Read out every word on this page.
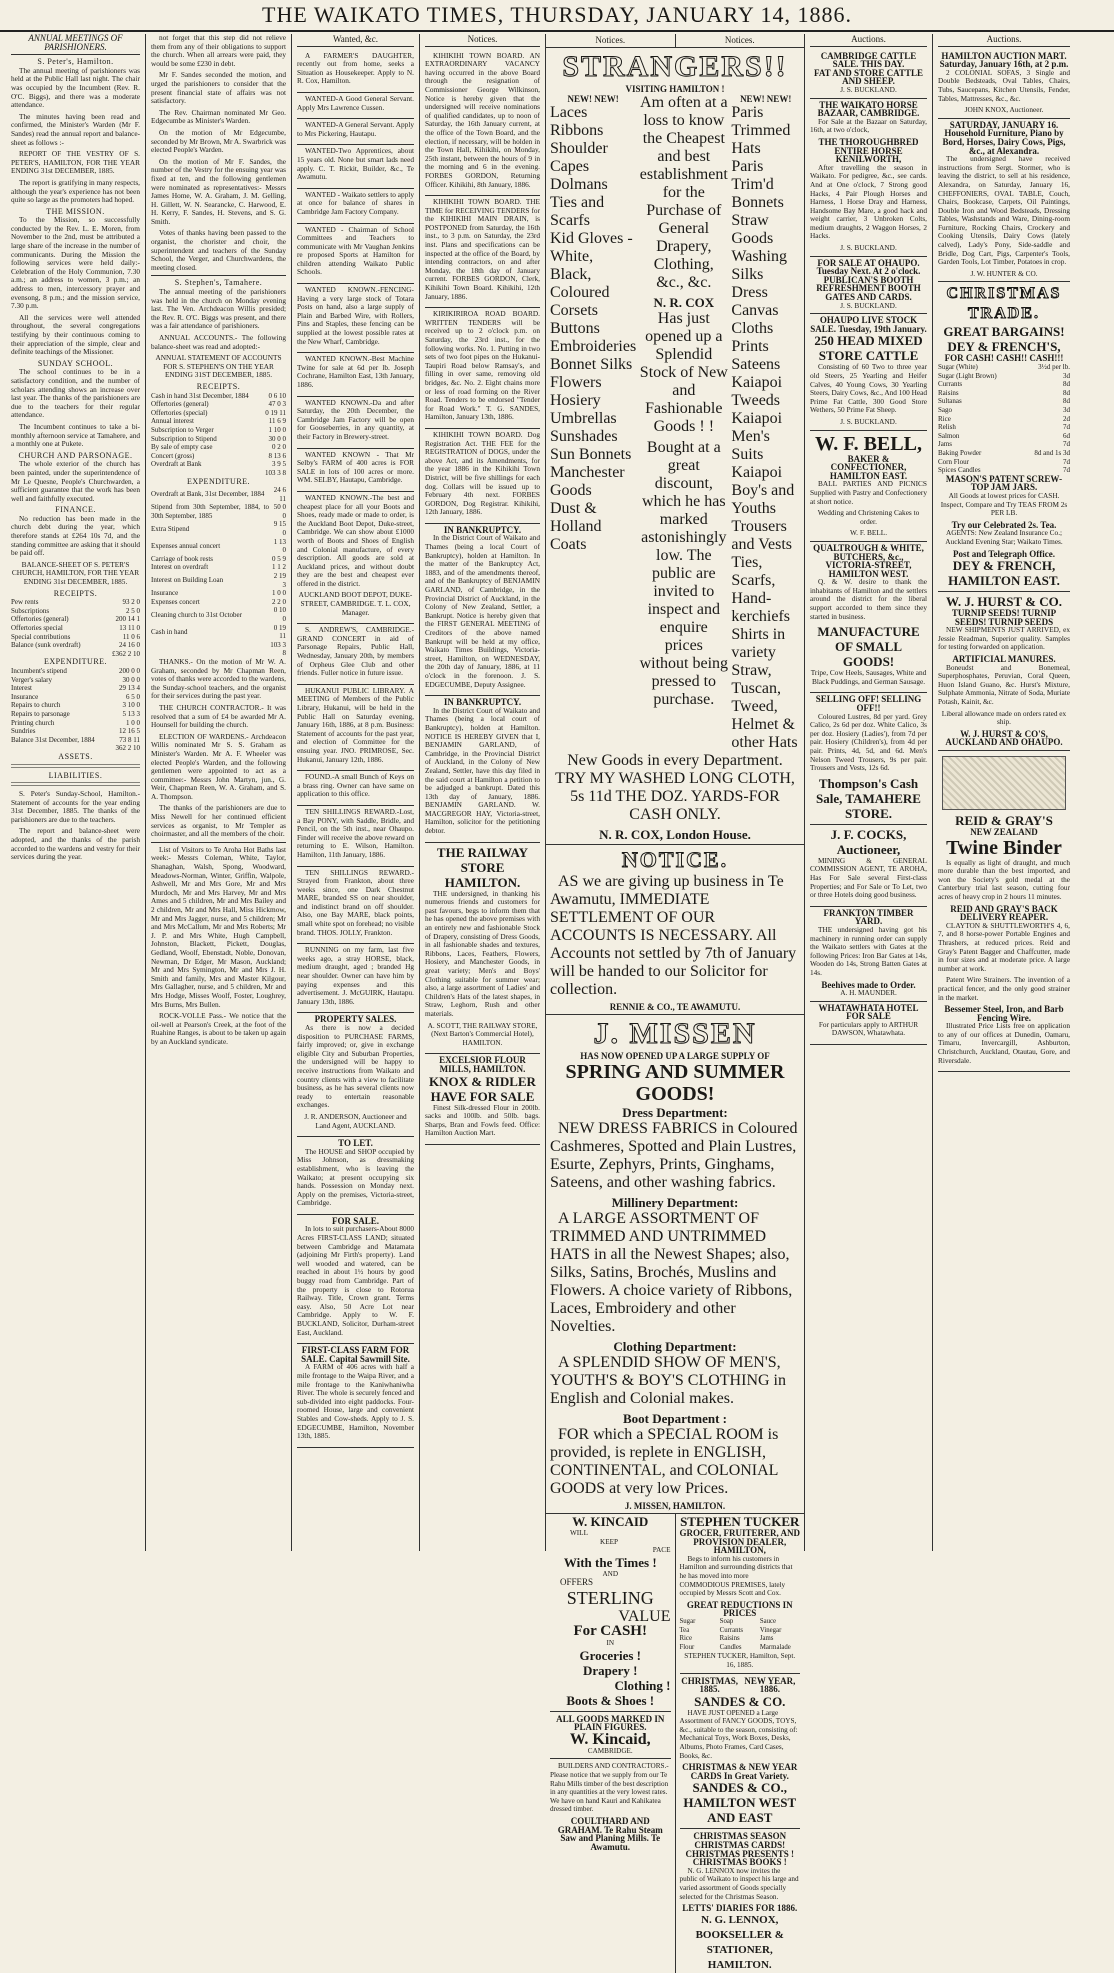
THE WAIKATO TIMES, THURSDAY, JANUARY 14, 1886.
ANNUAL MEETINGS OF PARISHIONERS.
S. Peter's, Hamilton.

The annual meeting of parishioners was held at the Public Hall last night. The chair was occupied by the Incumbent (Rev. R. O'C. Biggs), and there was a moderate attendance.

The minutes having been read and confirmed, the Minister's Warden (Mr F. Sandes) read the annual report and balance-sheet as follows :-

REPORT OF THE VESTRY OF S. PETER'S, HAMILTON, FOR THE YEAR ENDING 31st DECEMBER, 1885.

The report is gratifying in many respects, although the year's experience has not been quite so large as the promoters had hoped.

THE MISSION.

To the Mission, so successfully conducted by the Rev. L. E. Moren, from November to the 2nd, must be attributed a large share of the increase in the number of communicants. During the Mission the following services were held daily:-Celebration of the Holy Communion, 7.30 a.m.; an address to women, 3 p.m.; an address to men, intercessory prayer and evensong, 8 p.m.; and the mission service, 7.30 p.m.

All the services were well attended throughout, the several congregations testifying by their continuous coming to their appreciation of the simple, clear and definite teachings of the Missioner.

SUNDAY SCHOOL.

The school continues to be in a satisfactory condition, and the number of scholars attending shows an increase over last year. The thanks of the parishioners are due to the teachers for their regular attendance.

The Incumbent continues to take a bi-monthly afternoon service at Tamahere, and a monthly one at Pukete.

CHURCH AND PARSONAGE.

The whole exterior of the church has been painted, under the superintendence of Mr Le Quesne, People's Churchwarden, a sufficient guarantee that the work has been well and faithfully executed.

FINANCE.

No reduction has been made in the church debt during the year, which therefore stands at £264 10s 7d, and the standing committee are asking that it should be paid off.

BALANCE-SHEET OF S. PETER'S CHURCH, HAMILTON, FOR THE YEAR ENDING 31st DECEMBER, 1885.

RECEIPTS.
Pew rents	93 2 0
Subscriptions	2 5 0
Offertories (general)	200 14 1
Offertories special	13 11 0
Special contributions	11 0 6
Balance (sunk overdraft)	24 16 0
	£362 2 10
EXPENDITURE.
Incumbent's stipend	200 0 0
Verger's salary	30 0 0
Interest	29 13 4
Insurance	6 5 0
Repairs to church	3 10 0
Repairs to parsonage	5 13 3
Printing church	1 0 0
Sundries	12 16 5
Balance 31st December, 1884	73 8 11
	362 2 10
ASSETS.
LIABILITIES.

S. Peter's Sunday-School, Hamilton.- Statement of accounts for the year ending 31st December, 1885. The thanks of the parishioners are due to the teachers.

The report and balance-sheet were adopted, and the thanks of the parish accorded to the wardens and vestry for their services during the year.

not forget that this step did not relieve them from any of their obligations to support the church. When all arrears were paid, they would be some £230 in debt.

Mr F. Sandes seconded the motion, and urged the parishioners to consider that the present financial state of affairs was not satisfactory.

The Rev. Chairman nominated Mr Geo. Edgecumbe as Minister's Warden.

On the motion of Mr Edgecumbe, seconded by Mr Brown, Mr A. Swarbrick was elected People's Warden.

On the motion of Mr F. Sandes, the number of the Vestry for the ensuing year was fixed at ten, and the following gentlemen were nominated as representatives:- Messrs James Home, W. A. Graham, J. M. Gelling, H. Gillett, W. N. Searancke, C. Harwood, E. H. Kerry, F. Sandes, H. Stevens, and S. G. Smith.

Votes of thanks having been passed to the organist, the chorister and choir, the superintendent and teachers of the Sunday School, the Verger, and Churchwardens, the meeting closed.

S. Stephen's, Tamahere.

The annual meeting of the parishioners was held in the church on Monday evening last. The Ven. Archdeacon Willis presided; the Rev. R. O'C. Biggs was present, and there was a fair attendance of parishioners.

ANNUAL ACCOUNTS.- The following balance-sheet was read and adopted:-

ANNUAL STATEMENT OF ACCOUNTS FOR S. STEPHEN'S ON THE YEAR ENDING 31ST DECEMBER, 1885.

RECEIPTS.
Cash in hand 31st December, 1884	0 6 10
Offertories (general)	47 0 3
Offertories (special)	0 19 11
Annual interest	11 6 9
Subscription to Verger	1 10 0
Subscription to Stipend	30 0 0
By sale of empty case	0 2 0
Concert (gross)	8 13 6
Overdraft at Bank	3 9 5
	103 3 8
EXPENDITURE.
Overdraft at Bank, 31st December, 1884	24 6 11
Stipend from 30th September, 1884, to 30th September, 1885	50 0 0
Extra Stipend	9 15 0
Expenses annual concert	1 13 0
Carriage of book rests	0 5 9
Interest on overdraft	1 1 2
Interest on Building Loan	2 19 3
Insurance	1 0 0
Expenses concert	2 2 0
Cleaning church to 31st October	0 10 0
Cash in hand	0 19 11
	103 3 8

THANKS.- On the motion of Mr W. A. Graham, seconded by Mr Chapman Reen, votes of thanks were accorded to the wardens, the Sunday-school teachers, and the organist for their services during the past year.

THE CHURCH CONTRACTOR.- It was resolved that a sum of £4 be awarded Mr A. Hounsell for building the church.

ELECTION OF WARDENS.- Archdeacon Willis nominated Mr S. S. Graham as Minister's Warden. Mr A. F. Wheeler was elected People's Warden, and the following gentlemen were appointed to act as a committee:- Messrs John Martyn, jun., G. Weir, Chapman Reen, W. A. Graham, and S. A. Thompson.

The thanks of the parishioners are due to Miss Newell for her continued efficient services as organist, to Mr Templer as choirmaster, and all the members of the choir.

List of Visitors to Te Aroha Hot Baths last week:- Messrs Coleman, White, Taylor, Shanaghan, Walsh, Spong, Woodward, Meadows-Norman, Winter, Griffin, Walpole, Ashwell, Mr and Mrs Gore, Mr and Mrs Murdoch, Mr and Mrs Harvey, Mr and Mrs Ames and 5 children, Mr and Mrs Bailey and 2 children, Mr and Mrs Hall, Miss Hickmow, Mr and Mrs Jagger, nurse, and 5 children; Mr and Mrs McCallum, Mr and Mrs Roberts; Mr J. P. and Mrs White, Hugh Campbell, Johnston, Blackett, Pickett, Douglas, Gedland, Woolf, Ebenstadt, Noble, Donovan, Newman, Dr Edger, Mr Mason, Auckland; Mr and Mrs Symington, Mr and Mrs J. H. Smith and family, Mrs and Master Kilgour, Mrs Gallagher, nurse, and 5 children, Mr and Mrs Hodge, Misses Woolf, Foster, Loughrey, Mrs Burns, Mrs Bullen.

ROCK-VOLLE Pass.- We notice that the oil-well at Pearson's Creek, at the foot of the Ruahine Ranges, is about to be taken up again by an Auckland syndicate.

Wanted, &c.

A FARMER'S DAUGHTER, recently out from home, seeks a Situation as Housekeeper. Apply to N. R. Cox, Hamilton.

WANTED-A Good General Servant. Apply Mrs Lawrence Cussen.

WANTED-A General Servant. Apply to Mrs Pickering, Hautapu.

WANTED-Two Apprentices, about 15 years old. None but smart lads need apply. C. T. Rickit, Builder, &c., Te Awamutu.

WANTED - Waikato settlers to apply at once for balance of shares in Cambridge Jam Factory Company.

WANTED - Chairman of School Committees and Teachers to communicate with Mr Vaughan Jenkins re proposed Sports at Hamilton for children attending Waikato Public Schools.

WANTED KNOWN.-FENCING-Having a very large stock of Totara Posts on hand, also a large supply of Plain and Barbed Wire, with Rollers, Pins and Staples, these fencing can be supplied at the lowest possible rates at the New Wharf, Cambridge.

WANTED KNOWN.-Best Machine Twine for sale at 6d per lb. Joseph Cochrane, Hamilton East, 13th January, 1886.

WANTED KNOWN.-Da and after Saturday, the 20th December, the Cambridge Jam Factory will be open for Gooseberries, in any quantity, at their Factory in Brewery-street.

WANTED KNOWN - That Mr Selby's FARM of 400 acres is FOR SALE in lots of 100 acres or more. WM. SELBY, Hautapu, Cambridge.

WANTED KNOWN.-The best and cheapest place for all your Boots and Shoes, ready made or made to order, is the Auckland Boot Depot, Duke-street, Cambridge. We can show about £1000 worth of Boots and Shoes of English and Colonial manufacture, of every description. All goods are sold at Auckland prices, and without doubt they are the best and cheapest ever offered in the district.

AUCKLAND BOOT DEPOT, DUKE-STREET, CAMBRIDGE. T. L. COX, Manager.

S. ANDREW'S, CAMBRIDGE.- GRAND CONCERT in aid of Parsonage Repairs, Public Hall, Wednesday, January 20th, by members of Orpheus Glee Club and other friends. Fuller notice in future issue.

HUKANUI PUBLIC LIBRARY. A MEETING of Members of the Public Library, Hukanui, will be held in the Public Hall on Saturday evening, January 16th, 1886, at 8 p.m. Business: Statement of accounts for the past year, and election of Committee for the ensuing year. JNO. PRIMROSE, Sec. Hukanui, January 12th, 1886.

FOUND.-A small Bunch of Keys on a brass ring. Owner can have same on application to this office.

TEN SHILLINGS REWARD.-Lost, a Bay PONY, with Saddle, Bridle, and Pencil, on the 5th inst., near Ohaupo. Finder will receive the above reward on returning to E. Wilson, Hamilton. Hamilton, 11th January, 1886.

TEN SHILLINGS REWARD.- Strayed from Frankton, about three weeks since, one Dark Chestnut MARE, branded SS on near shoulder, and indistinct brand on off shoulder. Also, one Bay MARE, black points, small white spot on forehead; no visible brand. THOS. JOLLY, Frankton.

RUNNING on my farm, last five weeks ago, a stray HORSE, black, medium draught, aged ; branded Hg near shoulder. Owner can have him by paying expenses and this advertisement. J. McGUIRK, Hautapu. January 13th, 1886.

PROPERTY SALES.

As there is now a decided disposition to PURCHASE FARMS, fairly improved; or, give in exchange eligible City and Suburban Properties, the undersigned will be happy to receive instructions from Waikato and country clients with a view to facilitate business, as he has several clients now ready to entertain reasonable exchanges.

J. R. ANDERSON, Auctioneer and Land Agent, AUCKLAND.

TO LET.

The HOUSE and SHOP occupied by Miss Johnson, as dressmaking establishment, who is leaving the Waikato; at present occupying six hands. Possession on Monday next. Apply on the premises, Victoria-street, Cambridge.

FOR SALE.

In lots to suit purchasers-About 8000 Acres FIRST-CLASS LAND; situated between Cambridge and Matamata (adjoining Mr Firth's property). Land well wooded and watered, can be reached in about 1½ hours by good buggy road from Cambridge. Part of the property is close to Rotorua Railway. Title, Crown grant. Terms easy. Also, 50 Acre Lot near Cambridge. Apply to W. F. BUCKLAND, Solicitor, Durham-street East, Auckland.

FIRST-CLASS FARM FOR SALE. Capital Sawmill Site.

A FARM of 406 acres with half a mile frontage to the Waipa River, and a mile frontage to the Kaniwhaniwha River. The whole is securely fenced and sub-divided into eight paddocks. Four-roomed House, large and convenient Stables and Cow-sheds. Apply to J. S. EDGECUMBE, Hamilton, November 13th, 1885.

Notices.

KIHIKIHI TOWN BOARD. AN EXTRAORDINARY VACANCY having occurred in the above Board through the resignation of Commissioner George Wilkinson, Notice is hereby given that the undersigned will receive nominations of qualified candidates, up to noon of Saturday, the 16th January current, at the office of the Town Board, and the election, if necessary, will be holden in the Town Hall, Kihikihi, on Monday, 25th instant, between the hours of 9 in the morning and 6 in the evening. FORBES GORDON, Returning Officer. Kihikihi, 8th January, 1886.

KIHIKIHI TOWN BOARD. THE TIME for RECEIVING TENDERS for the KIHIKIHI MAIN DRAIN, is POSTPONED from Saturday, the 16th inst., to 3 p.m. on Saturday, the 23rd inst. Plans and specifications can be inspected at the office of the Board, by intending contractors, on and after Monday, the 18th day of January current. FORBES GORDON, Clerk, Kihikihi Town Board. Kihikihi, 12th January, 1886.

KIRIKIRIROA ROAD BOARD. WRITTEN TENDERS will be received up to 2 o'clock p.m. on Saturday, the 23rd inst., for the following works. No. 1. Putting in two sets of two foot pipes on the Hukanui-Taupiri Road below Ramsay's, and filling in over same, removing old bridges, &c. No. 2. Eight chains more or less of road forming on the River Road. Tenders to be endorsed "Tender for Road Work." T. G. SANDES, Hamilton, January 13th, 1886.

KIHIKIHI TOWN BOARD. Dog Registration Act. THE FEE for the REGISTRATION of DOGS, under the above Act, and its Amendments, for the year 1886 in the Kihikihi Town District, will be five shillings for each dog. Collars will be issued up to February 4th next. FORBES GORDON, Dog Registrar. Kihikihi, 12th January, 1886.

IN BANKRUPTCY.

In the District Court of Waikato and Thames (being a local Court of Bankruptcy), holden at Hamilton. In the matter of the Bankruptcy Act, 1883, and of the amendments thereof, and of the Bankruptcy of BENJAMIN GARLAND, of Cambridge, in the Provincial District of Auckland, in the Colony of New Zealand, Settler, a Bankrupt. Notice is hereby given that the FIRST GENERAL MEETING of Creditors of the above named Bankrupt will be held at my office, Waikato Times Buildings, Victoria-street, Hamilton, on WEDNESDAY, the 20th day of January, 1886, at 11 o'clock in the forenoon. J. S. EDGECUMBE, Deputy Assignee.

IN BANKRUPTCY.

In the District Court of Waikato and Thames (being a local court of Bankruptcy), holden at Hamilton. NOTICE IS HEREBY GIVEN that I, BENJAMIN GARLAND, of Cambridge, in the Provincial District of Auckland, in the Colony of New Zealand, Settler, have this day filed in the said court at Hamilton a petition to be adjudged a bankrupt. Dated this 13th day of January, 1886. BENJAMIN GARLAND. W. MACGREGOR HAY, Victoria-street, Hamilton, solicitor for the petitioning debtor.

THE RAILWAY STORE HAMILTON.

THE undersigned, in thanking his numerous friends and customers for past favours, begs to inform them that he has opened the above premises with an entirely new and fashionable Stock of Drapery, consisting of Dress Goods, in all fashionable shades and textures, Ribbons, Laces, Feathers, Flowers, Hosiery, and Manchester Goods, in great variety; Men's and Boys' Clothing suitable for summer wear; also, a large assortment of Ladies' and Children's Hats of the latest shapes, in Straw, Leghorn, Rush and other materials.

A. SCOTT, THE RAILWAY STORE, (Next Barton's Commercial Hotel), HAMILTON.

EXCELSIOR FLOUR MILLS, HAMILTON.
KNOX & RIDLER HAVE FOR SALE

Finest Silk-dressed Flour in 200lb. sacks and 100lb. and 50lb. bags. Sharps, Bran and Fowls feed. Office: Hamilton Auction Mart.

Notices.	Notices.
STRANGERS!!
VISITING HAMILTON !
NEW! NEW!
Laces
Ribbons
Shoulder Capes
Dolmans
Ties and Scarfs
Kid Gloves - White, Black, Coloured
Corsets
Buttons
Embroideries
Bonnet Silks
Flowers
Hosiery
Umbrellas
Sunshades
Sun Bonnets
Manchester Goods
Dust & Holland Coats

Am often at a loss to know the Cheapest and best establishment for the Purchase of General Drapery, Clothing, &c., &c.

N. R. COX

Has just opened up a Splendid Stock of New and Fashionable Goods ! !

Bought at a great discount, which he has marked astonishingly low. The public are invited to inspect and enquire prices without being pressed to purchase.

NEW! NEW!
Paris Trimmed Hats
Paris Trim'd Bonnets
Straw Goods
Washing Silks
Dress Canvas Cloths
Prints
Sateens
Kaiapoi Tweeds
Kaiapoi Men's Suits
Kaiapoi Boy's and Youths
Trousers and Vests
Ties, Scarfs, Hand-kerchiefs
Shirts in variety
Straw, Tuscan, Tweed, Helmet & other Hats

New Goods in every Department. TRY MY WASHED LONG CLOTH, 5s 11d THE DOZ. YARDS-FOR CASH ONLY.

N. R. COX, London House.
NOTICE.

AS we are giving up business in Te Awamutu, IMMEDIATE SETTLEMENT OF OUR ACCOUNTS IS NECESSARY. All Accounts not settled by 7th of January will be handed to our Solicitor for collection.

RENNIE & CO., TE AWAMUTU.
J. MISSEN
HAS NOW OPENED UP A LARGE SUPPLY OF
SPRING AND SUMMER GOODS!
Dress Department:

NEW DRESS FABRICS in Coloured Cashmeres, Spotted and Plain Lustres, Esurte, Zephyrs, Prints, Ginghams, Sateens, and other washing fabrics.

Millinery Department:

A LARGE ASSORTMENT OF TRIMMED AND UNTRIMMED HATS in all the Newest Shapes; also, Silks, Satins, Brochés, Muslins and Flowers. A choice variety of Ribbons, Laces, Embroidery and other Novelties.

Clothing Department:

A SPLENDID SHOW OF MEN'S, YOUTH'S & BOY'S CLOTHING in English and Colonial makes.

Boot Department :

FOR which a SPECIAL ROOM is provided, is replete in ENGLISH, CONTINENTAL, and COLONIAL GOODS at very low Prices.

J. MISSEN, HAMILTON.
W. KINCAID
WILL
KEEP
PACE
With the Times !
AND
OFFERS
STERLING
VALUE
For CASH!
IN
Groceries !
Drapery !
Clothing !
Boots & Shoes !
ALL GOODS MARKED IN PLAIN FIGURES.
W. Kincaid,
CAMBRIDGE.

BUILDERS AND CONTRACTORS.- Please notice that we supply from our Te Rahu Mills timber of the best description in any quantities at the very lowest rates. We have on hand Kauri and Kahikatea dressed timber.

COULTHARD AND GRAHAM. Te Rahu Steam Saw and Planing Mills. Te Awamutu.
STEPHEN TUCKER
GROCER, FRUITERER, AND PROVISION DEALER, HAMILTON,

Begs to inform his customers in Hamilton and surrounding districts that he has moved into more COMMODIOUS PREMISES, lately occupied by Messrs Scott and Cox.

GREAT REDUCTIONS IN PRICES
Sugar
Tea
Rice
Flour
Soap
Currants
Raisins
Candles
Sauce
Vinegar
Jams
Marmalade

STEPHEN TUCKER, Hamilton, Sept. 16, 1885.

CHRISTMAS, 1885.
NEW YEAR, 1886.
SANDES & CO.

HAVE JUST OPENED a Large Assortment of FANCY GOODS, TOYS, &c., suitable to the season, consisting of: Mechanical Toys, Work Boxes, Desks, Albums, Photo Frames, Card Cases, Books, &c.

CHRISTMAS & NEW YEAR CARDS In Great Variety.
SANDES & CO., HAMILTON WEST AND EAST
CHRISTMAS SEASON
CHRISTMAS CARDS!
CHRISTMAS PRESENTS !
CHRISTMAS BOOKS !

N. G. LENNOX now invites the public of Waikato to inspect his large and varied assortment of Goods specially selected for the Christmas Season.

LETTS' DIARIES FOR 1886.
N. G. LENNOX, BOOKSELLER & STATIONER, HAMILTON.
Auctions.
CAMBRIDGE CATTLE SALE. THIS DAY.
FAT AND STORE CATTLE AND SHEEP.
J. S. BUCKLAND.
THE WAIKATO HORSE BAZAAR, CAMBRIDGE.

For Sale at the Bazaar on Saturday, 16th, at two o'clock,

THE THOROUGHBRED ENTIRE HORSE KENILWORTH,

After travelling the season in Waikato. For pedigree, &c., see cards. And at One o'clock, 7 Strong good Hacks, 4 Pair Plough Horses and Harness, 1 Horse Dray and Harness, Handsome Bay Mare, a good hack and weight carrier, 3 Unbroken Colts, medium draughts, 2 Waggon Horses, 2 Hacks.

J. S. BUCKLAND.
FOR SALE AT OHAUPO. Tuesday Next. At 2 o'clock.
PUBLICAN'S BOOTH REFRESHMENT BOOTH GATES AND CARDS.
J. S. BUCKLAND.
OHAUPO LIVE STOCK SALE. Tuesday, 19th January.
250 HEAD MIXED STORE CATTLE

Consisting of 60 Two to three year old Steers, 25 Yearling and Heifer Calves, 40 Young Cows, 30 Yearling Steers, Dairy Cows, &c., And 100 Head Prime Fat Cattle, 300 Good Store Wethers, 50 Prime Fat Sheep.

J. S. BUCKLAND.
W. F. BELL,
BAKER & CONFECTIONER, HAMILTON EAST.

BALL PARTIES AND PICNICS Supplied with Pastry and Confectionery at short notice.

Wedding and Christening Cakes to order.

W. F. BELL.
QUALTROUGH & WHITE, BUTCHERS, &c., VICTORIA-STREET, HAMILTON WEST.

Q. & W. desire to thank the inhabitants of Hamilton and the settlers around the district for the liberal support accorded to them since they started in business.

MANUFACTURE OF SMALL GOODS!

Tripe, Cow Heels, Sausages, White and Black Puddings, and German Sausage.

SELLING OFF! SELLING OFF!!

Coloured Lustres, 8d per yard. Grey Calico, 2s 6d per doz. White Calico, 3s per doz. Hosiery (Ladies'), from 7d per pair. Hosiery (Children's), from 4d per pair. Prints, 4d, 5d, and 6d. Men's Nelson Tweed Trousers, 9s per pair. Trousers and Vests, 12s 6d.

Thompson's Cash Sale, TAMAHERE STORE.
J. F. COCKS, Auctioneer,

MINING & GENERAL COMMISSION AGENT, TE AROHA, Has For Sale several First-class Properties; and For Sale or To Let, two or three Hotels doing good business.

FRANKTON TIMBER YARD.

THE undersigned having got his machinery in running order can supply the Waikato settlers with Gates at the following Prices: Iron Bar Gates at 14s, Wooden do 14s, Strong Batten Gates at 14s.

Beehives made to Order.
A. H. MAUNDER.
WHATAWHATA HOTEL FOR SALE

For particulars apply to ARTHUR DAWSON, Whatawhata.

Auctions.
HAMILTON AUCTION MART.
Saturday, January 16th, at 2 p.m.

2 COLONIAL SOFAS, 3 Single and Double Bedsteads, Oval Tables, Chairs, Tubs, Saucepans, Kitchen Utensils, Fender, Tables, Mattresses, &c., &c.

JOHN KNOX, Auctioneer.
SATURDAY, JANUARY 16.
Household Furniture, Piano by Bord, Horses, Dairy Cows, Pigs, &c., at Alexandra.

The undersigned have received instructions from Sergt. Stormer, who is leaving the district, to sell at his residence, Alexandra, on Saturday, January 16, CHEFFONIERS, OVAL TABLE, Couch, Chairs, Bookcase, Carpets, Oil Paintings, Double Iron and Wood Bedsteads, Dressing Tables, Washstands and Ware, Dining-room Furniture, Rocking Chairs, Crockery and Cooking Utensils, Dairy Cows (lately calved), Lady's Pony, Side-saddle and Bridle, Dog Cart, Pigs, Carpenter's Tools, Garden Tools, Lot Timber, Potatoes in crop.

J. W. HUNTER & CO.
CHRISTMAS TRADE.
GREAT BARGAINS!
DEY & FRENCH'S,
FOR CASH! CASH!! CASH!!!
Sugar (White)	3½d per lb.
Sugar (Light Brown)	3d
Currants	8d
Raisins	8d
Sultanas	8d
Sago	3d
Rice	2d
Relish	7d
Salmon	6d
Jams	7d
Baking Powder	8d and 1s 3d
Corn Flour	7d
Spices Candles	7d
MASON'S PATENT SCREW-TOP JAM JARS.

All Goods at lowest prices for CASH. Inspect, Compare and Try TEAS FROM 2s PER LB.

Try our Celebrated 2s. Tea.

AGENTS: New Zealand Insurance Co.; Auckland Evening Star; Waikato Times.

Post and Telegraph Office.
DEY & FRENCH, HAMILTON EAST.
W. J. HURST & CO.
TURNIP SEEDS! TURNIP SEEDS! TURNIP SEEDS

NEW SHIPMENTS JUST ARRIVED, ex Jessie Readman, Superior quality. Samples for testing forwarded on application.

ARTIFICIAL MANURES.

Boneudst and Bonemeal, Superphosphates, Peruvian, Coral Queen, Huon Island Guano, &c. Hurst's Mixture, Sulphate Ammonia, Nitrate of Soda, Muriate Potash, Kainit, &c.

Liberal allowance made on orders rated ex ship.

W. J. HURST & CO'S, AUCKLAND AND OHAUPO.
REID & GRAY'S
NEW ZEALAND
Twine Binder

Is equally as light of draught, and much more durable than the best imported, and won the Society's gold medal at the Canterbury trial last season, cutting four acres of heavy crop in 2 hours 11 minutes.

REID AND GRAY'S BACK DELIVERY REAPER.

CLAYTON & SHUTTLEWORTH'S 4, 6, 7, and 8 horse-power Portable Engines and Thrashers, at reduced prices. Reid and Gray's Patent Bagger and Chaffcutter, made in four sizes and at moderate price. A large number at work.

Patent Wire Strainers. The invention of a practical fencer, and the only good strainer in the market.

Bessemer Steel, Iron, and Barb Fencing Wire.

Illustrated Price Lists free on application to any of our offices at Dunedin, Oamaru, Timaru, Invercargill, Ashburton, Christchurch, Auckland, Otautau, Gore, and Riversdale.
